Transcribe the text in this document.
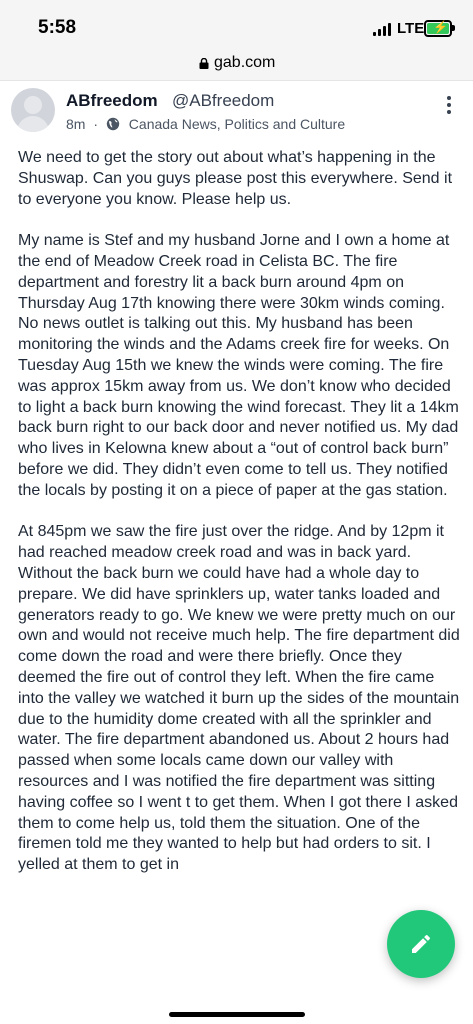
5:58	LTE ⚡
gab.com
ABfreedom @ABfreedom
8m · Canada News, Politics and Culture

We need to get the story out about what’s happening in the Shuswap. Can you guys please post this everywhere. Send it to everyone you know. Please help us.

My name is Stef and my husband Jorne and I own a home at the end of Meadow Creek road in Celista BC. The fire department and forestry lit a back burn around 4pm on Thursday Aug 17th knowing there were 30km winds coming. No news outlet is talking out this. My husband has been monitoring the winds and the Adams creek fire for weeks. On Tuesday Aug 15th we knew the winds were coming. The fire was approx 15km away from us. We don’t know who decided to light a back burn knowing the wind forecast. They lit a 14km back burn right to our back door and never notified us. My dad who lives in Kelowna knew about a “out of control back burn” before we did. They didn’t even come to tell us. They notified the locals by posting it on a piece of paper at the gas station.

At 845pm we saw the fire just over the ridge. And by 12pm it had reached meadow creek road and was in back yard. Without the back burn we could have had a whole day to prepare. We did have sprinklers up, water tanks loaded and generators ready to go. We knew we were pretty much on our own and would not receive much help. The fire department did come down the road and were there briefly. Once they deemed the fire out of control they left. When the fire came into the valley we watched it burn up the sides of the mountain due to the humidity dome created with all the sprinkler and water. The fire department abandoned us. About 2 hours had passed when some locals came down our valley with resources and I was notified the fire department was sitting having coffee so I went t to get them. When I got there I asked them to come help us, told them the situation. One of the firemen told me they wanted to help but had orders to sit. I yelled at them to get in
